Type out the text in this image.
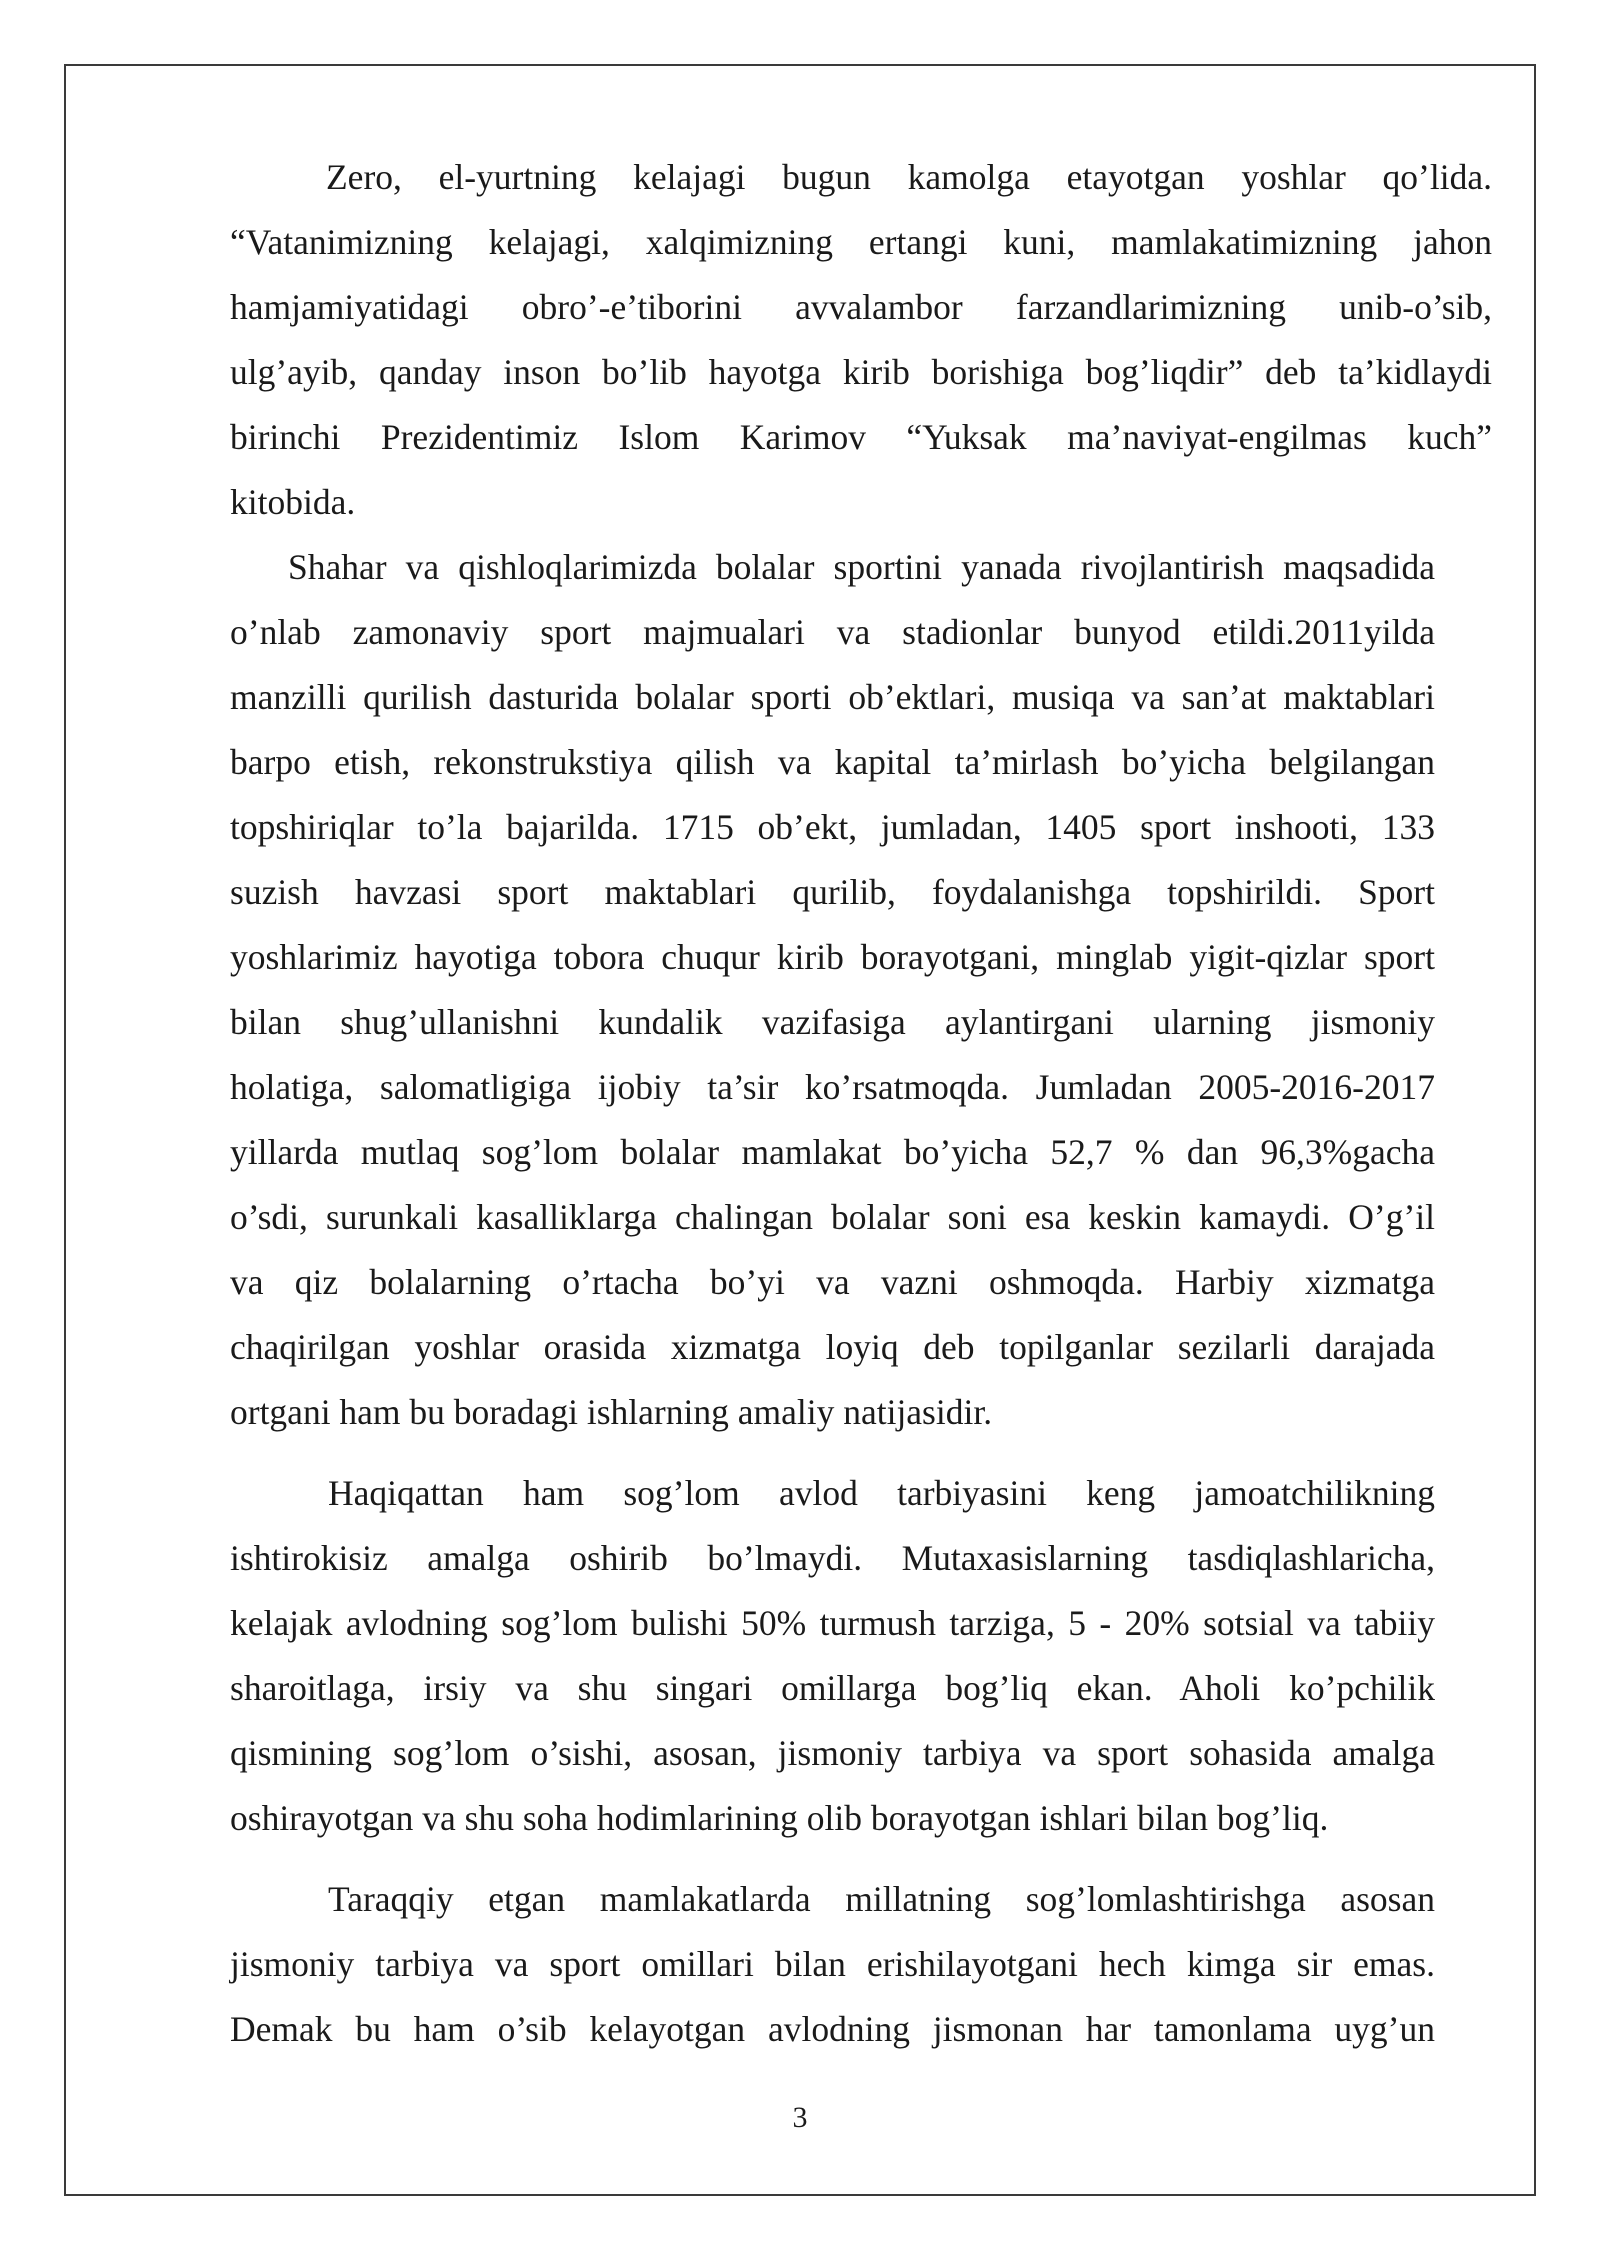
Zero, el-yurtning kelajagi bugun kamolga etayotgan yoshlar qo’lida.
“Vatanimizning kelajagi, xalqimizning ertangi kuni, mamlakatimizning jahon
hamjamiyatidagi obro’-e’tiborini avvalambor farzandlarimizning unib-o’sib,
ulg’ayib, qanday inson bo’lib hayotga kirib borishiga bog’liqdir” deb ta’kidlaydi
birinchi Prezidentimiz Islom Karimov “Yuksak ma’naviyat-engilmas kuch”
kitobida.
Shahar va qishloqlarimizda bolalar sportini yanada rivojlantirish maqsadida
o’nlab zamonaviy sport majmualari va stadionlar bunyod etildi.2011yilda
manzilli qurilish dasturida bolalar sporti ob’ektlari, musiqa va san’at maktablari
barpo etish, rekonstrukstiya qilish va kapital ta’mirlash bo’yicha belgilangan
topshiriqlar to’la bajarilda. 1715 ob’ekt, jumladan, 1405 sport inshooti, 133
suzish havzasi sport maktablari qurilib, foydalanishga topshirildi. Sport
yoshlarimiz hayotiga tobora chuqur kirib borayotgani, minglab yigit-qizlar sport
bilan shug’ullanishni kundalik vazifasiga aylantirgani ularning jismoniy
holatiga, salomatligiga ijobiy ta’sir ko’rsatmoqda. Jumladan 2005-2016-2017
yillarda mutlaq sog’lom bolalar mamlakat bo’yicha 52,7 % dan 96,3%gacha
o’sdi, surunkali kasalliklarga chalingan bolalar soni esa keskin kamaydi. O’g’il
va qiz bolalarning o’rtacha bo’yi va vazni oshmoqda. Harbiy xizmatga
chaqirilgan yoshlar orasida xizmatga loyiq deb topilganlar sezilarli darajada
ortgani ham bu boradagi ishlarning amaliy natijasidir.
Haqiqattan ham sog’lom avlod tarbiyasini keng jamoatchilikning
ishtirokisiz amalga oshirib bo’lmaydi. Mutaxasislarning tasdiqlashlaricha,
kelajak avlodning sog’lom bulishi 50% turmush tarziga, 5 - 20% sotsial va tabiiy
sharoitlaga, irsiy va shu singari omillarga bog’liq ekan. Aholi ko’pchilik
qismining sog’lom o’sishi, asosan, jismoniy tarbiya va sport sohasida amalga
oshirayotgan va shu soha hodimlarining olib borayotgan ishlari bilan bog’liq.
Taraqqiy etgan mamlakatlarda millatning sog’lomlashtirishga asosan
jismoniy tarbiya va sport omillari bilan erishilayotgani hech kimga sir emas.
Demak bu ham o’sib kelayotgan avlodning jismonan har tamonlama uyg’un
3
